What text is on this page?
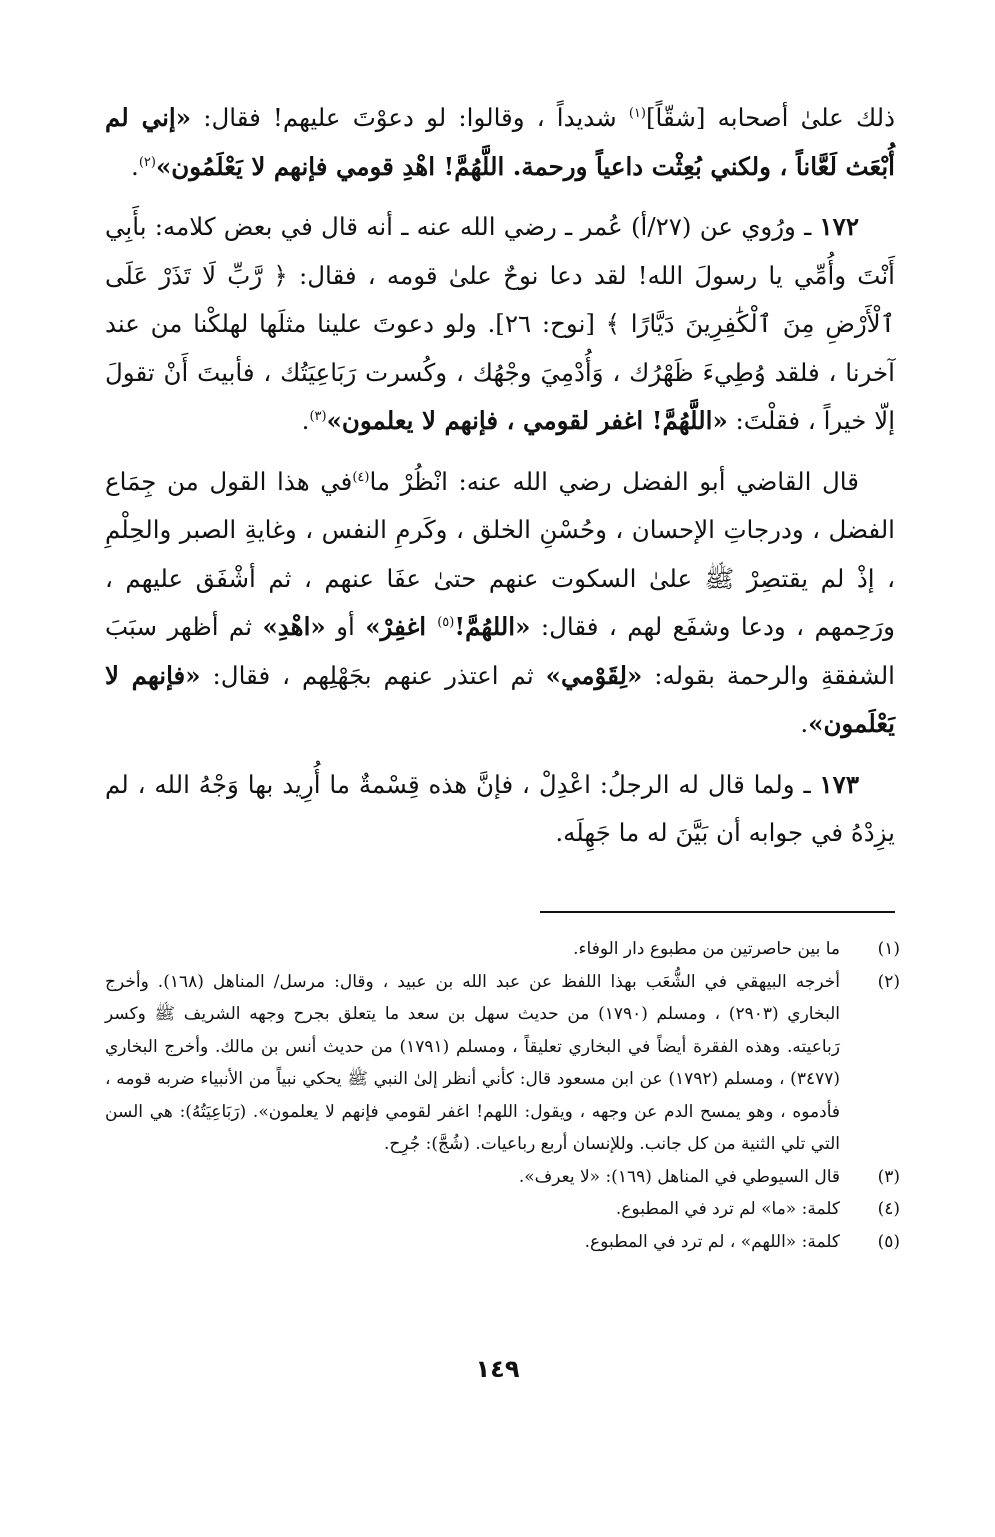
ذلك علىٰ أصحابه [شقّاً]$^{(١)}$ شديداً ، وقالوا: لو دعوْتَ عليهم! فقال: «إني لم أُبْعَث لَعَّاناً ، ولكني بُعِثْت داعياً ورحمة. اللَّهُمَّ! اهْدِ قومي فإنهم لا يَعْلَمُون»$^{(٢)}$.

١٧٢ ـ ورُوي عن (٢٧/أ) عُمر ـ رضي الله عنه ـ أنه قال في بعض كلامه: بأَبِي أَنْتَ وأُمِّي يا رسولَ الله! لقد دعا نوحٌ علىٰ قومه ، فقال: ﴿ رَّبِّ لَا تَذَرْ عَلَى ٱلْأَرْضِ مِنَ ٱلْكَٰفِرِينَ دَيَّارًا ﴾ [نوح: ٢٦]. ولو دعوتَ علينا مثلَها لهلكْنا من عند آخرنا ، فلقد وُطِيءَ ظَهْرُك ، وَأُدْمِيَ وجْهُك ، وكُسرت رَبَاعِيَتُك ، فأبيتَ أَنْ تقولَ إلّا خيراً ، فقلْتَ: «اللَّهُمَّ! اغفر لقومي ، فإنهم لا يعلمون»$^{(٣)}$.

قال القاضي أبو الفضل رضي الله عنه: انْظُرْ ما$^{(٤)}$في هذا القول من جِمَاع الفضل ، ودرجاتِ الإحسان ، وحُسْنِ الخلق ، وكَرمِ النفس ، وغايةِ الصبر والحِلْمِ ، إذْ لم يقتصِرْ ﷺ علىٰ السكوت عنهم حتىٰ عفَا عنهم ، ثم أشْفَق عليهم ، ورَحِمهم ، ودعا وشفَع لهم ، فقال: «اللهُمَّ!$^{(٥)}$ اغفِرْ» أو «اهْدِ» ثم أظهر سبَبَ الشفقةِ والرحمة بقوله: «لِقَوْمي» ثم اعتذر عنهم بجَهْلِهم ، فقال: «فإنهم لا يَعْلَمون».

١٧٣ ـ ولما قال له الرجلُ: اعْدِلْ ، فإنَّ هذه قِسْمةٌ ما أُرِيد بها وَجْهُ الله ، لم يزِدْهُ في جوابه أن بَيَّنَ له ما جَهِلَه.

(١)
ما بين حاصرتين من مطبوع دار الوفاء.
(٢)
أخرجه البيهقي في الشُّعَب بهذا اللفظ عن عبد الله بن عبيد ، وقال: مرسل/ المناهل (١٦٨). وأخرج البخاري (٢٩٠٣) ، ومسلم (١٧٩٠) من حديث سهل بن سعد ما يتعلق بجرح وجهه الشريف ﷺ وكسر رَباعيته. وهذه الفقرة أيضاً في البخاري تعليقاً ، ومسلم (١٧٩١) من حديث أنس بن مالك. وأخرج البخاري (٣٤٧٧) ، ومسلم (١٧٩٢) عن ابن مسعود قال: كأني أنظر إلىٰ النبي ﷺ يحكي نبياً من الأنبياء ضربه قومه ، فأدموه ، وهو يمسح الدم عن وجهه ، ويقول: اللهم! اغفر لقومي فإنهم لا يعلمون». (رَبَاعِيَتُهُ): هي السن التي تلي الثنية من كل جانب. وللإنسان أربع رباعيات. (شُجَّ): جُرِح.
(٣)
قال السيوطي في المناهل (١٦٩): «لا يعرف».
(٤)
كلمة: «ما» لم ترد في المطبوع.
(٥)
كلمة: «اللهم» ، لم ترد في المطبوع.
١٤٩
